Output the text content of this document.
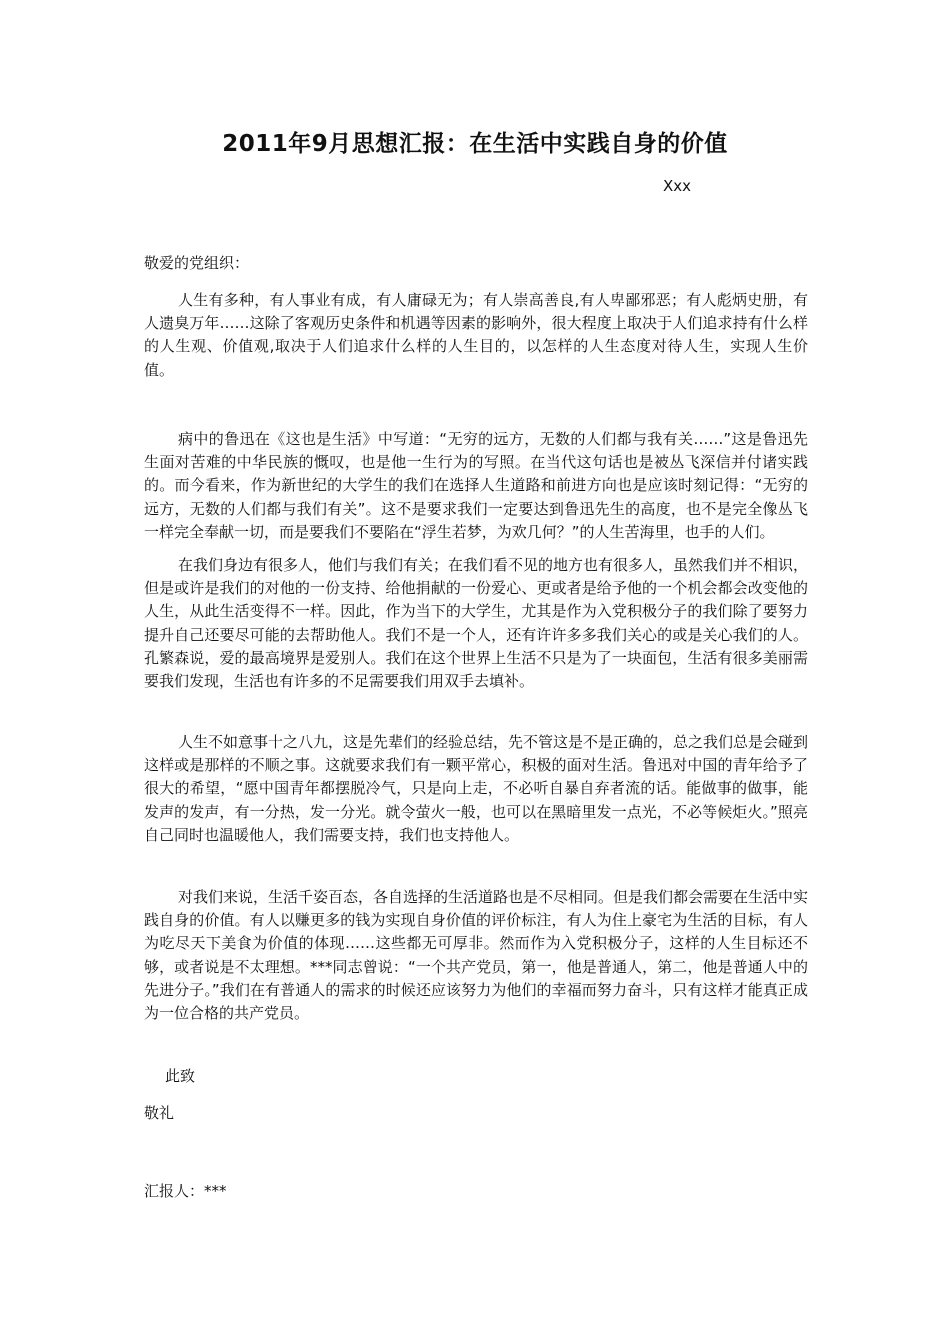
2011年9月思想汇报：在生活中实践自身的价值
Xxx
敬爱的党组织：
人生有多种，有人事业有成，有人庸碌无为；有人崇高善良,有人卑鄙邪恶；有人彪炳史册，有人遗臭万年……这除了客观历史条件和机遇等因素的影响外，很大程度上取决于人们追求持有什么样的人生观、价值观,取决于人们追求什么样的人生目的，以怎样的人生态度对待人生，实现人生价值。
病中的鲁迅在《这也是生活》中写道：“无穷的远方，无数的人们都与我有关……”这是鲁迅先生面对苦难的中华民族的慨叹，也是他一生行为的写照。在当代这句话也是被丛飞深信并付诸实践的。而今看来，作为新世纪的大学生的我们在选择人生道路和前进方向也是应该时刻记得：“无穷的远方，无数的人们都与我们有关”。这不是要求我们一定要达到鲁迅先生的高度，也不是完全像丛飞一样完全奉献一切，而是要我们不要陷在“浮生若梦，为欢几何？”的人生苦海里，也手的人们。
在我们身边有很多人，他们与我们有关；在我们看不见的地方也有很多人，虽然我们并不相识，但是或许是我们的对他的一份支持、给他捐献的一份爱心、更或者是给予他的一个机会都会改变他的人生，从此生活变得不一样。因此，作为当下的大学生，尤其是作为入党积极分子的我们除了要努力提升自己还要尽可能的去帮助他人。我们不是一个人，还有许许多多我们关心的或是关心我们的人。孔繁森说，爱的最高境界是爱别人。我们在这个世界上生活不只是为了一块面包，生活有很多美丽需要我们发现，生活也有许多的不足需要我们用双手去填补。
人生不如意事十之八九，这是先辈们的经验总结，先不管这是不是正确的，总之我们总是会碰到这样或是那样的不顺之事。这就要求我们有一颗平常心，积极的面对生活。鲁迅对中国的青年给予了很大的希望，“愿中国青年都摆脱冷气，只是向上走，不必听自暴自弃者流的话。能做事的做事，能发声的发声，有一分热，发一分光。就令萤火一般，也可以在黑暗里发一点光，不必等候炬火。”照亮自己同时也温暖他人，我们需要支持，我们也支持他人。
对我们来说，生活千姿百态，各自选择的生活道路也是不尽相同。但是我们都会需要在生活中实践自身的价值。有人以赚更多的钱为实现自身价值的评价标注，有人为住上豪宅为生活的目标，有人为吃尽天下美食为价值的体现……这些都无可厚非。然而作为入党积极分子，这样的人生目标还不够，或者说是不太理想。***同志曾说：“一个共产党员，第一，他是普通人，第二，他是普通人中的先进分子。”我们在有普通人的需求的时候还应该努力为他们的幸福而努力奋斗，只有这样才能真正成为一位合格的共产党员。
此致
敬礼
汇报人：***
